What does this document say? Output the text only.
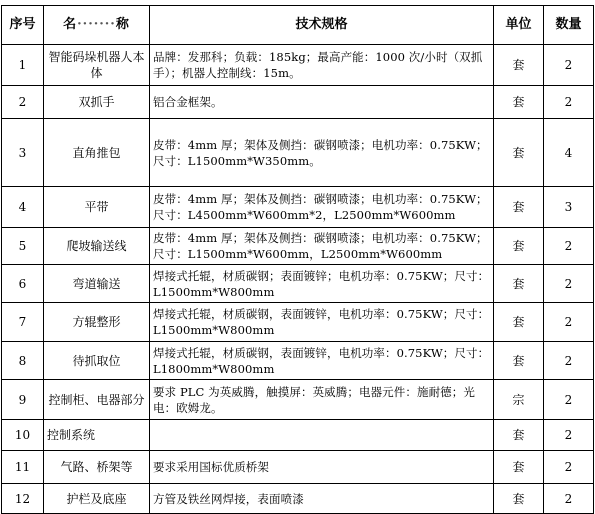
序号	名·······称	技术规格	单位	数量
1	智能码垛机器人本体	品牌：发那科；负载：185kg；最高产能：1000 次/小时（双抓手）；机器人控制线：15m。	套	2
2	双抓手	铝合金框架。	套	2
3	直角推包	皮带：4mm 厚；架体及侧挡：碳钢喷漆；电机功率：0.75KW；尺寸：L1500mm*W350mm。	套	4
4	平带	皮带：4mm 厚；架体及侧挡：碳钢喷漆；电机功率：0.75KW；尺寸：L4500mm*W600mm*2，L2500mm*W600mm	套	3
5	爬坡输送线	皮带：4mm 厚；架体及侧挡：碳钢喷漆；电机功率：0.75KW；尺寸：L1500mm*W600mm，L2500mm*W600mm	套	2
6	弯道输送	焊接式托辊，材质碳钢；表面镀锌；电机功率：0.75KW；尺寸：L1500mm*W800mm	套	2
7	方辊整形	焊接式托辊，材质碳钢，表面镀锌，电机功率：0.75KW；尺寸：L1500mm*W800mm	套	2
8	待抓取位	焊接式托辊，材质碳钢，表面镀锌，电机功率：0.75KW；尺寸：L1800mm*W800mm	套	2
9	控制柜、电器部分	要求 PLC 为英威腾，触摸屏：英威腾；电器元件：施耐德；光电：欧姆龙。	宗	2
10	控制系统		套	2
11	气路、桥架等	要求采用国标优质桥架	套	2
12	护栏及底座	方管及铁丝网焊接，表面喷漆	套	2
